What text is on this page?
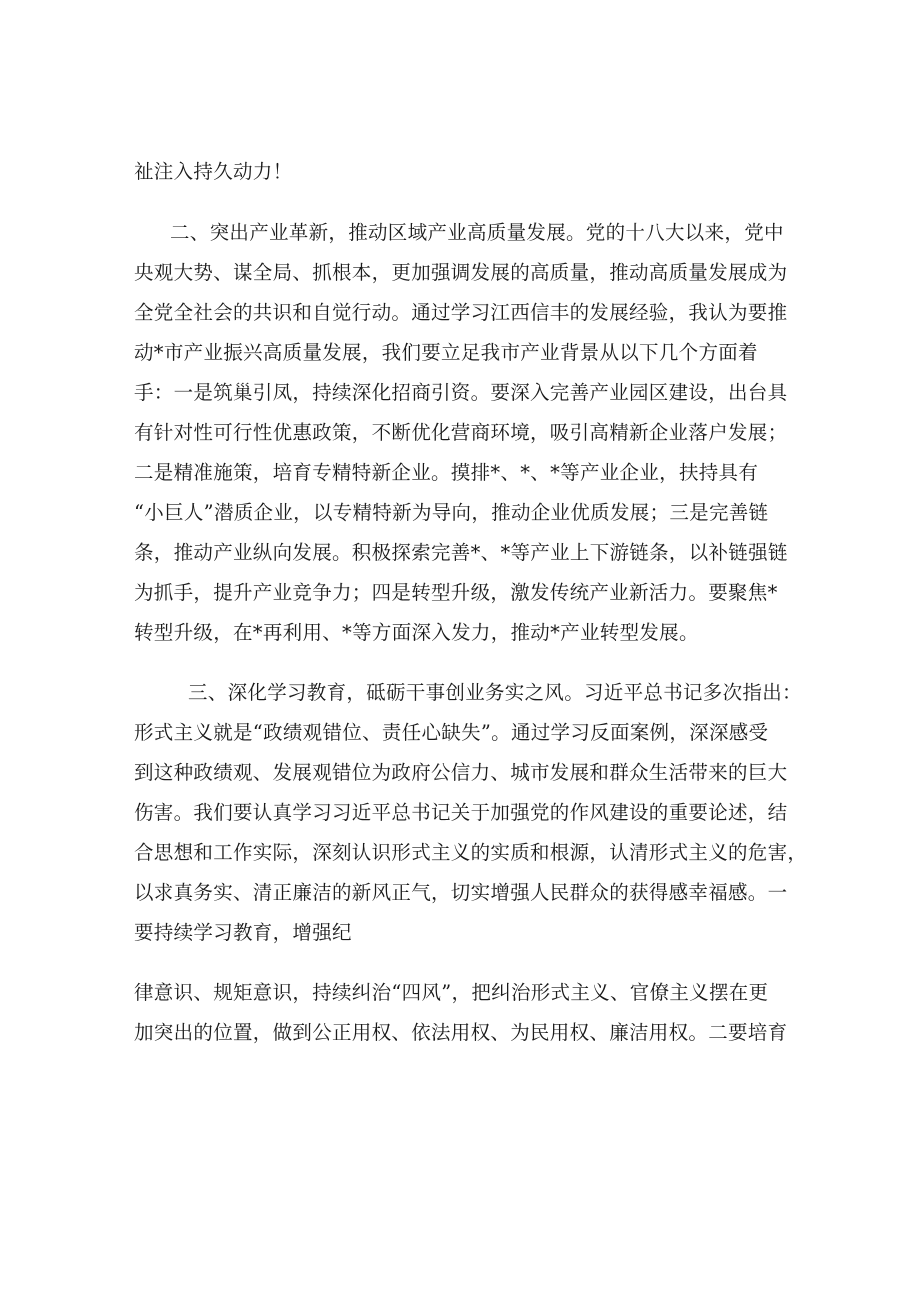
祉注入持久动力！
二、突出产业革新，推动区域产业高质量发展。党的十八大以来，党中
央观大势、谋全局、抓根本，更加强调发展的高质量，推动高质量发展成为
全党全社会的共识和自觉行动。通过学习江西信丰的发展经验，我认为要推
动*市产业振兴高质量发展，我们要立足我市产业背景从以下几个方面着
手：一是筑巢引凤，持续深化招商引资。要深入完善产业园区建设，出台具
有针对性可行性优惠政策，不断优化营商环境，吸引高精新企业落户发展；
二是精准施策，培育专精特新企业。摸排*、*、*等产业企业，扶持具有
“小巨人”潜质企业，以专精特新为导向，推动企业优质发展；三是完善链
条，推动产业纵向发展。积极探索完善*、*等产业上下游链条，以补链强链
为抓手，提升产业竞争力；四是转型升级，激发传统产业新活力。要聚焦*
转型升级，在*再利用、*等方面深入发力，推动*产业转型发展。
三、深化学习教育，砥砺干事创业务实之风。习近平总书记多次指出：
形式主义就是“政绩观错位、责任心缺失”。通过学习反面案例，深深感受
到这种政绩观、发展观错位为政府公信力、城市发展和群众生活带来的巨大
伤害。我们要认真学习习近平总书记关于加强党的作风建设的重要论述，结
合思想和工作实际，深刻认识形式主义的实质和根源，认清形式主义的危害，
以求真务实、清正廉洁的新风正气，切实增强人民群众的获得感幸福感。一
要持续学习教育，增强纪
律意识、规矩意识，持续纠治“四风”，把纠治形式主义、官僚主义摆在更
加突出的位置，做到公正用权、依法用权、为民用权、廉洁用权。二要培育
